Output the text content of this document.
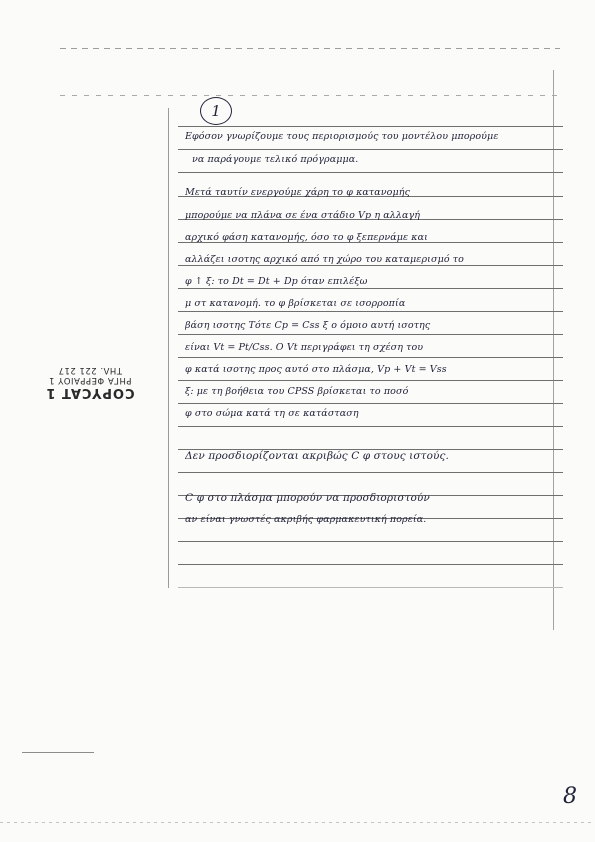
1
Εφόσον γνωρίζουμε τους περιορισμούς του μοντέλου μπορούμε
να παράγουμε τελικό πρόγραμμα.
Μετά ταυτίν ενεργούμε χάρη το φ κατανομής
μπορούμε να πλάνα σε ένα στάδιο Vp η αλλαγή
αρχικό φάση κατανομής, όσο το φ ξεπερνάμε και
αλλάζει ισοτης αρχικό από τη χώρο του καταμερισμό το
φ ↑ ξ: το Dt = Dt + Dp όταν επιλέξω
μ στ κατανομή. το φ βρίσκεται σε ισορροπία
βάση ισοτης Τότε Cp = Css ξ ο όμοιο αυτή ισοτης
είναι Vt = Pt/Css. Ο Vt περιγράφει τη σχέση του
φ κατά ισοτης προς αυτό στο πλάσμα, Vp + Vt = Vss
ξ: με τη βοήθεια του CPSS βρίσκεται το ποσό
φ στο σώμα κατά τη σε κατάσταση
Δεν προσδιορίζονται ακριβώς C φ στους ιστούς.
C φ στο πλάσμα μπορούν να προσδιοριστούν
αν είναι γνωστές ακριβής φαρμακευτική πορεία.
COPYCAT 1
ΡΗΓΑ ΦΕΡΡΑΙΟΥ 1
ΤΗΛ. 221 217
8
